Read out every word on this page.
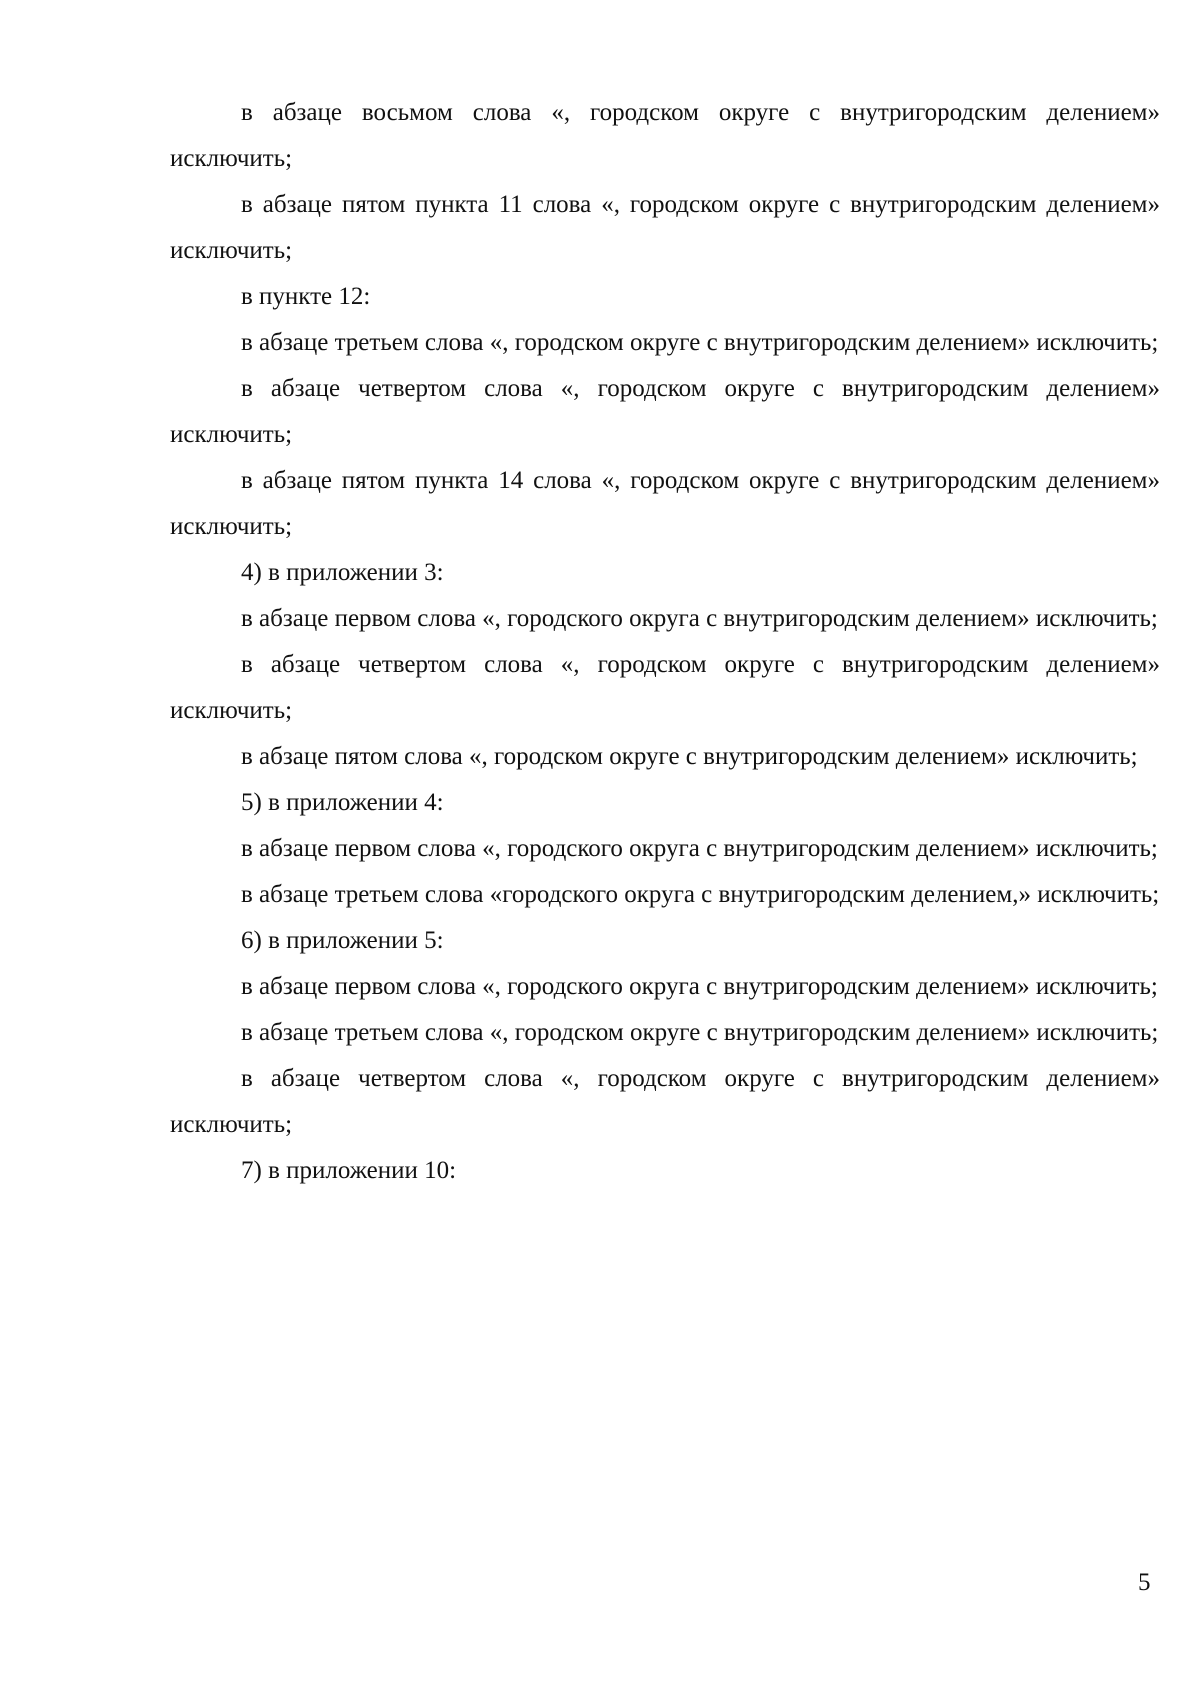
в абзаце восьмом слова «, городском округе с внутригородским делением» исключить;

в абзаце пятом пункта 11 слова «, городском округе с внутригородским делением» исключить;

в пункте 12:

в абзаце третьем слова «, городском округе с внутригородским делением» исключить;

в абзаце четвертом слова «, городском округе с внутригородским делением» исключить;

в абзаце пятом пункта 14 слова «, городском округе с внутригородским делением» исключить;

4) в приложении 3:

в абзаце первом слова «, городского округа с внутригородским делением» исключить;

в абзаце четвертом слова «, городском округе с внутригородским делением» исключить;

в абзаце пятом слова «, городском округе с внутригородским делением» исключить;

5) в приложении 4:

в абзаце первом слова «, городского округа с внутригородским делением» исключить;

в абзаце третьем слова «городского округа с внутригородским делением,» исключить;

6) в приложении 5:

в абзаце первом слова «, городского округа с внутригородским делением» исключить;

в абзаце третьем слова «, городском округе с внутригородским делением» исключить;

в абзаце четвертом слова «, городском округе с внутригородским делением» исключить;

7) в приложении 10:

5
